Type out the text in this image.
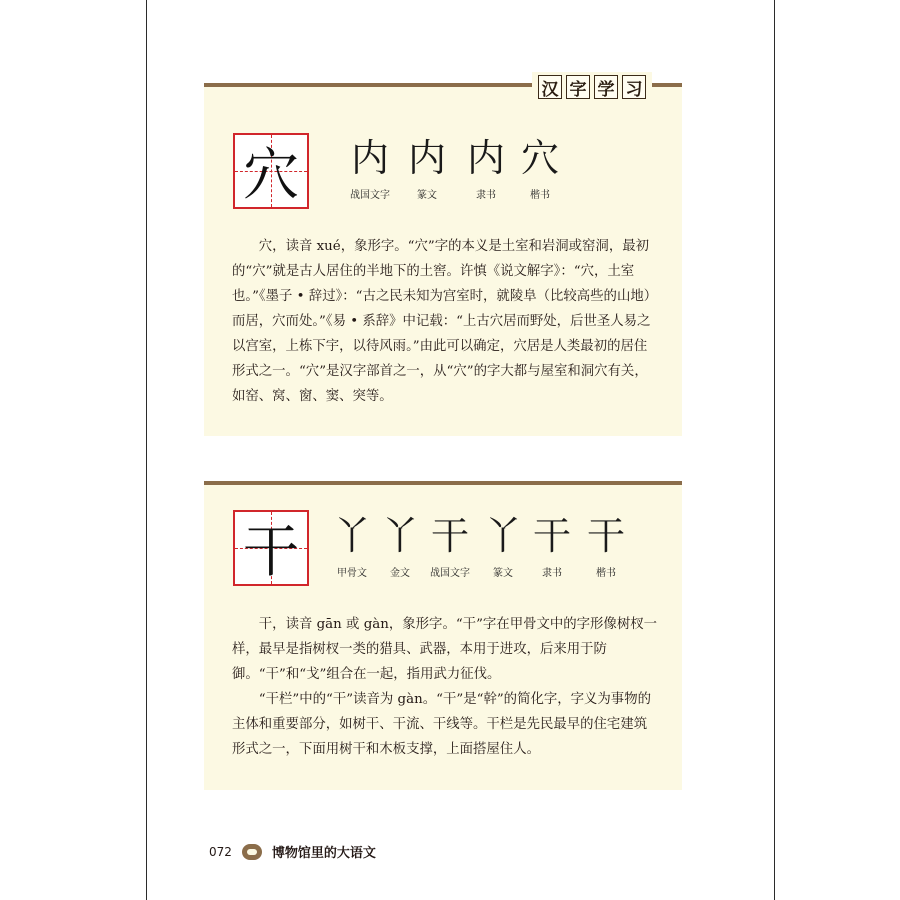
汉 字 学 习
穴	内
战国文字
内
篆文
内
隶书
穴
楷书

穴，读音 xué，象形字。“穴”字的本义是土室和岩洞或窑洞，最初的“穴”就是古人居住的半地下的土窖。许慎《说文解字》：“穴，土室也。”《墨子 • 辞过》：“古之民未知为宫室时，就陵阜（比较高些的山地）而居，穴而处。”《易 • 系辞》中记载：“上古穴居而野处，后世圣人易之以宫室，上栋下宇，以待风雨。”由此可以确定，穴居是人类最初的居住形式之一。“穴”是汉字部首之一，从“穴”的字大都与屋室和洞穴有关，如窑、窝、窗、窦、突等。

干 丫
甲骨文
丫
金文
干
战国文字
丫
篆文
干
隶书
干
楷书

干，读音 gān 或 gàn，象形字。“干”字在甲骨文中的字形像树杈一样，最早是指树杈一类的猎具、武器，本用于进攻，后来用于防御。“干”和“戈”组合在一起，指用武力征伐。

“干栏”中的“干”读音为 gàn。“干”是“幹”的简化字，字义为事物的主体和重要部分，如树干、干流、干线等。干栏是先民最早的住宅建筑形式之一，下面用树干和木板支撑，上面搭屋住人。

072	博物馆里的大语文
